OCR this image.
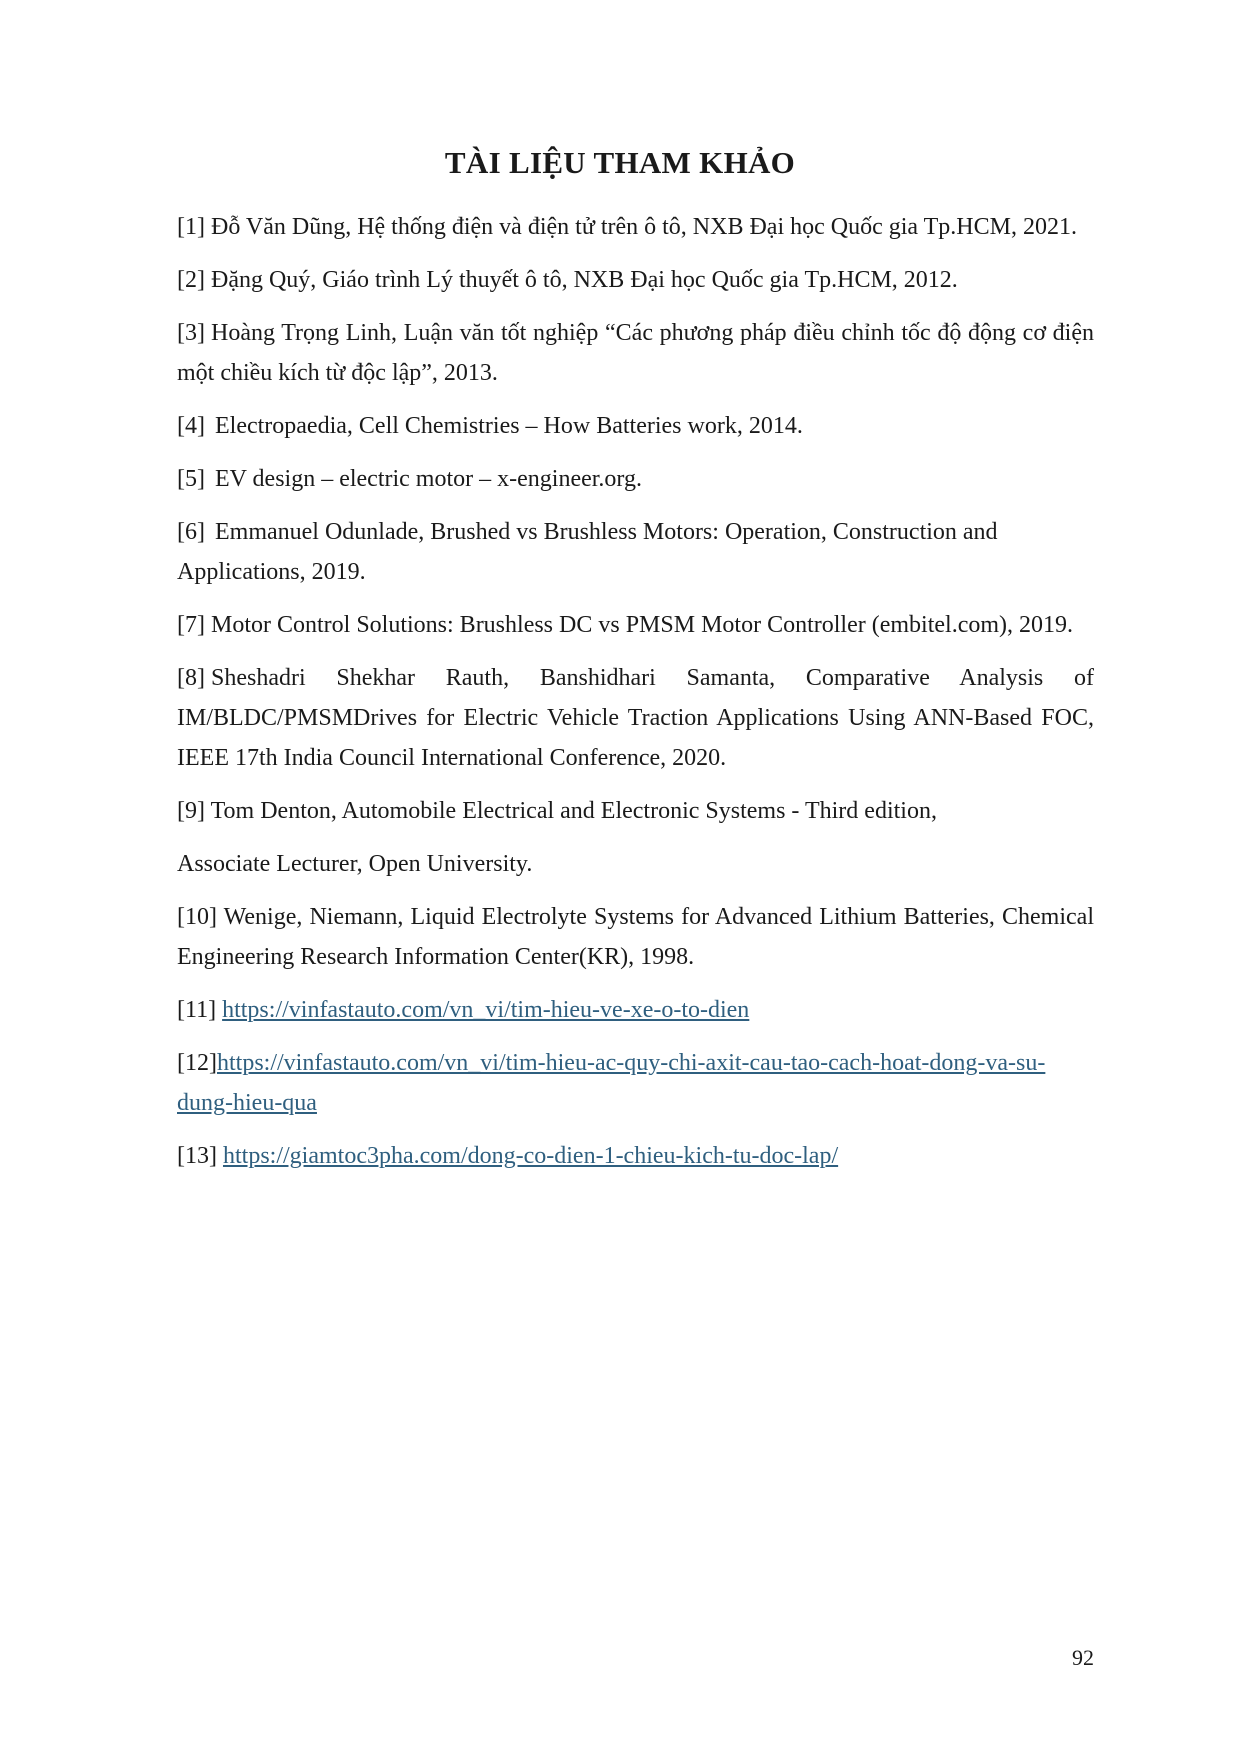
TÀI LIỆU THAM KHẢO

[1] Đỗ Văn Dũng, Hệ thống điện và điện tử trên ô tô, NXB Đại học Quốc gia Tp.HCM, 2021.

[2] Đặng Quý, Giáo trình Lý thuyết ô tô, NXB Đại học Quốc gia Tp.HCM, 2012.

[3] Hoàng Trọng Linh, Luận văn tốt nghiệp “Các phương pháp điều chỉnh tốc độ động cơ điện một chiều kích từ độc lập”, 2013.

[4] Electropaedia, Cell Chemistries – How Batteries work, 2014.

[5] EV design – electric motor – x-engineer.org.

[6] Emmanuel Odunlade, Brushed vs Brushless Motors: Operation, Construction and Applications, 2019.

[7] Motor Control Solutions: Brushless DC vs PMSM Motor Controller (embitel.com), 2019.

[8] Sheshadri Shekhar Rauth, Banshidhari Samanta, Comparative Analysis of IM/BLDC/PMSMDrives for Electric Vehicle Traction Applications Using ANN-Based FOC, IEEE 17th India Council International Conference, 2020.

[9] Tom Denton, Automobile Electrical and Electronic Systems - Third edition,

Associate Lecturer, Open University.

[10] Wenige, Niemann, Liquid Electrolyte Systems for Advanced Lithium Batteries, Chemical Engineering Research Information Center(KR), 1998.

[11] https://vinfastauto.com/vn_vi/tim-hieu-ve-xe-o-to-dien

[12]https://vinfastauto.com/vn_vi/tim-hieu-ac-quy-chi-axit-cau-tao-cach-hoat-dong-va-su-dung-hieu-qua

[13] https://giamtoc3pha.com/dong-co-dien-1-chieu-kich-tu-doc-lap/

92
